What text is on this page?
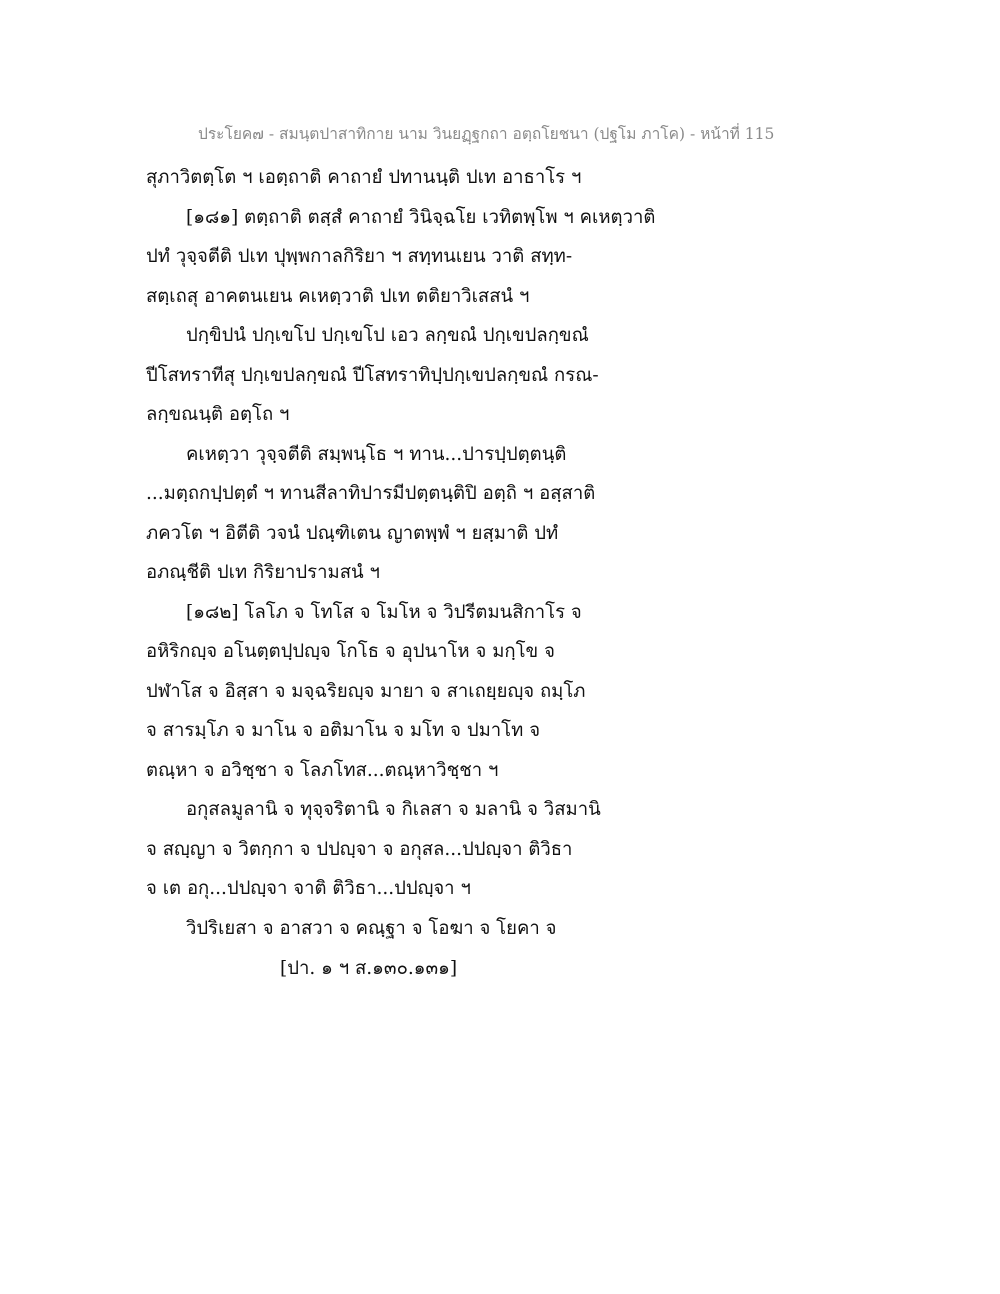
ประโยค๗ - สมนฺตปาสาทิกาย นาม วินยฏฺฐกถา อตฺถโยชนา (ปฐโม ภาโค) - หน้าที่ 115
สุภาวิตตฺโต ฯ เอตฺถาติ คาถายํ ปทานนฺติ ปเท อาธาโร ฯ
[๑๘๑] ตตฺถาติ ตสฺสํ คาถายํ วินิจฺฉโย เวทิตพฺโพ ฯ คเหตฺวาติ
ปทํ วุจฺจตีติ ปเท ปุพฺพกาลกิริยา ฯ สทฺทนเยน วาติ สทฺท-
สตฺเถสุ อาคตนเยน คเหตฺวาติ ปเท ตติยาวิเสสนํ ฯ
ปกฺขิปนํ ปกฺเขโป ปกฺเขโป เอว ลกฺขณํ ปกฺเขปลกฺขณํ
ปีโสทราทีสุ ปกฺเขปลกฺขณํ ปีโสทราทิปฺปกฺเขปลกฺขณํ กรณ-
ลกฺขณนฺติ อตฺโถ ฯ
คเหตฺวา วุจฺจตีติ สมฺพนฺโธ ฯ ทาน...ปารปฺปตฺตนฺติ
...มตฺถกปฺปตฺตํ ฯ ทานสีลาทิปารมีปตฺตนฺติปิ อตฺถิ ฯ อสฺสาติ
ภควโต ฯ อิตีติ วจนํ ปณฺฑิเตน ญาตพฺพํ ฯ ยสฺมาติ ปทํ
อภณฺชีติ ปเท กิริยาปรามสนํ ฯ
[๑๘๒] โลโภ จ โทโส จ โมโห จ วิปรีตมนสิกาโร จ
อหิริกญฺจ อโนตฺตปฺปญฺจ โกโธ จ อุปนาโห จ มกฺโข จ
ปฬาโส จ อิสฺสา จ มจฺฉริยญฺจ มายา จ สาเถยฺยญฺจ ถมฺโภ
จ สารมฺโภ จ มาโน จ อติมาโน จ มโท จ ปมาโท จ
ตณฺหา จ อวิชฺชา จ โลภโทส...ตณฺหาวิชฺชา ฯ
อกุสลมูลานิ จ ทุจฺจริตานิ จ กิเลสา จ มลานิ จ วิสมานิ
จ สญฺญา จ วิตกฺกา จ ปปญฺจา จ อกุสล...ปปญฺจา ติวิธา
จ เต อกุ...ปปญฺจา จาติ ติวิธา...ปปญฺจา ฯ
วิปริเยสา จ อาสวา จ คณฺฐา จ โอฆา จ โยคา จ
[ปา. ๑ ฯ ส.๑๓๐.๑๓๑]
